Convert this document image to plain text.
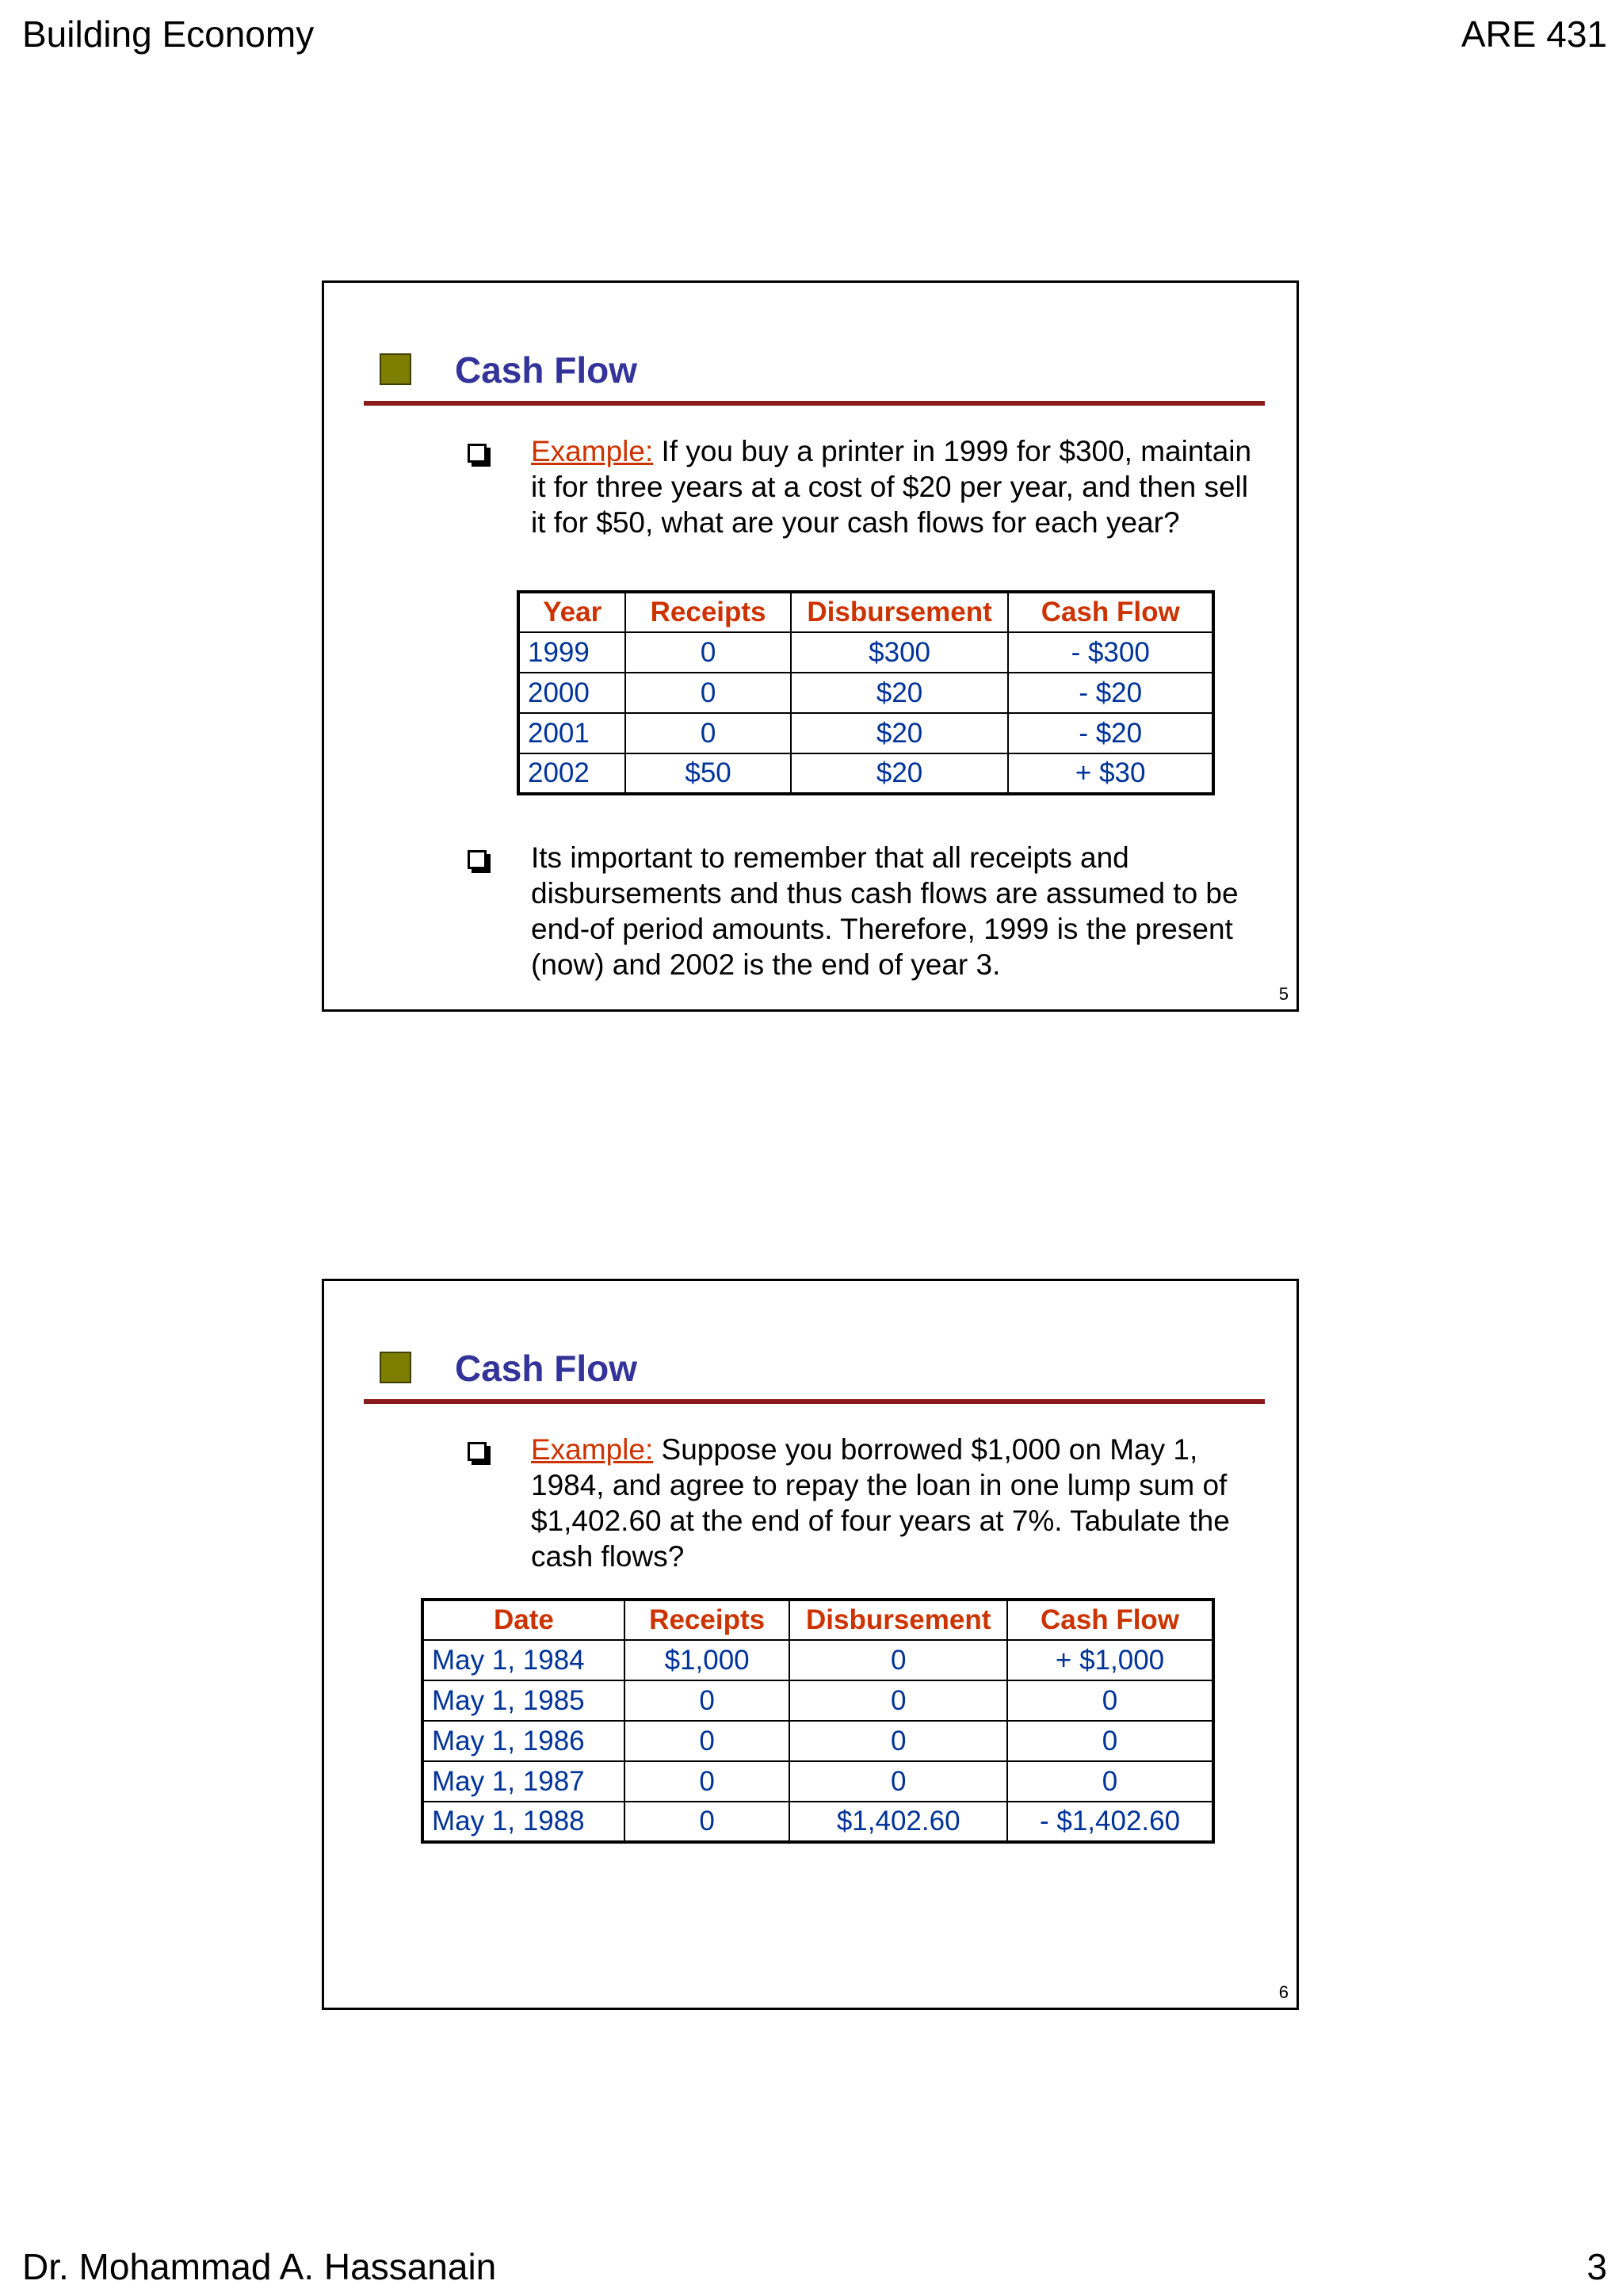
Building Economy	ARE 431
Cash Flow
Example: If you buy a printer in 1999 for $300, maintain it for three years at a cost of $20 per year, and then sell it for $50, what are your cash flows for each year?
Year	Receipts	Disbursement	Cash Flow
1999	0	$300	- $300
2000	0	$20	- $20
2001	0	$20	- $20
2002	$50	$20	+ $30
Its important to remember that all receipts and disbursements and thus cash flows are assumed to be end-of period amounts. Therefore, 1999 is the present (now) and 2002 is the end of year 3.
5
Cash Flow
Example: Suppose you borrowed $1,000 on May 1, 1984, and agree to repay the loan in one lump sum of $1,402.60 at the end of four years at 7%. Tabulate the cash flows?
Date	Receipts	Disbursement	Cash Flow
May 1, 1984	$1,000	0	+ $1,000
May 1, 1985	0	0	0
May 1, 1986	0	0	0
May 1, 1987	0	0	0
May 1, 1988	0	$1,402.60	- $1,402.60
6
Dr. Mohammad A. Hassanain	3
